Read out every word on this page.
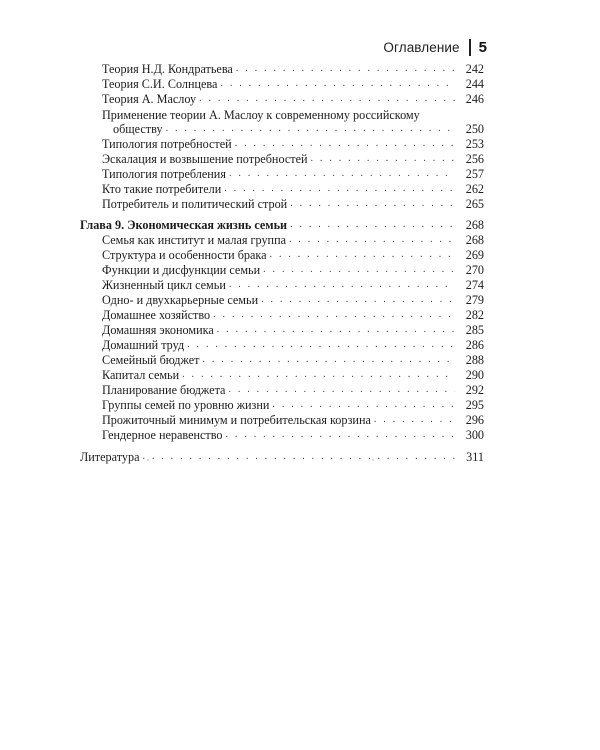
Оглавление 5
Теория Н.Д. Кондратьева . . .	242
Теория С.И. Солнцева . . .	244
Теория А. Маслоу . . .	246
Применение теории А. Маслоу к современному российскому
обществу . . .	250
Типология потребностей . . .	253
Эскалация и возвышение потребностей . . .	256
Типология потребления . . .	257
Кто такие потребители . . .	262
Потребитель и политический строй . . .	265
Глава 9. Экономическая жизнь семьи . . .	268
Семья как институт и малая группа . . .	268
Структура и особенности брака . . .	269
Функции и дисфункции семьи . . .	270
Жизненный цикл семьи . . .	274
Одно- и двухкарьерные семьи . . .	279
Домашнее хозяйство . . .	282
Домашняя экономика . . .	285
Домашний труд . . .	286
Семейный бюджет . . .	288
Капитал семьи . . .	290
Планирование бюджета . . .	292
Группы семей по уровню жизни . . .	295
Прожиточный минимум и потребительская корзина . . .	296
Гендерное неравенство . . .	300
Литература . . .	311
